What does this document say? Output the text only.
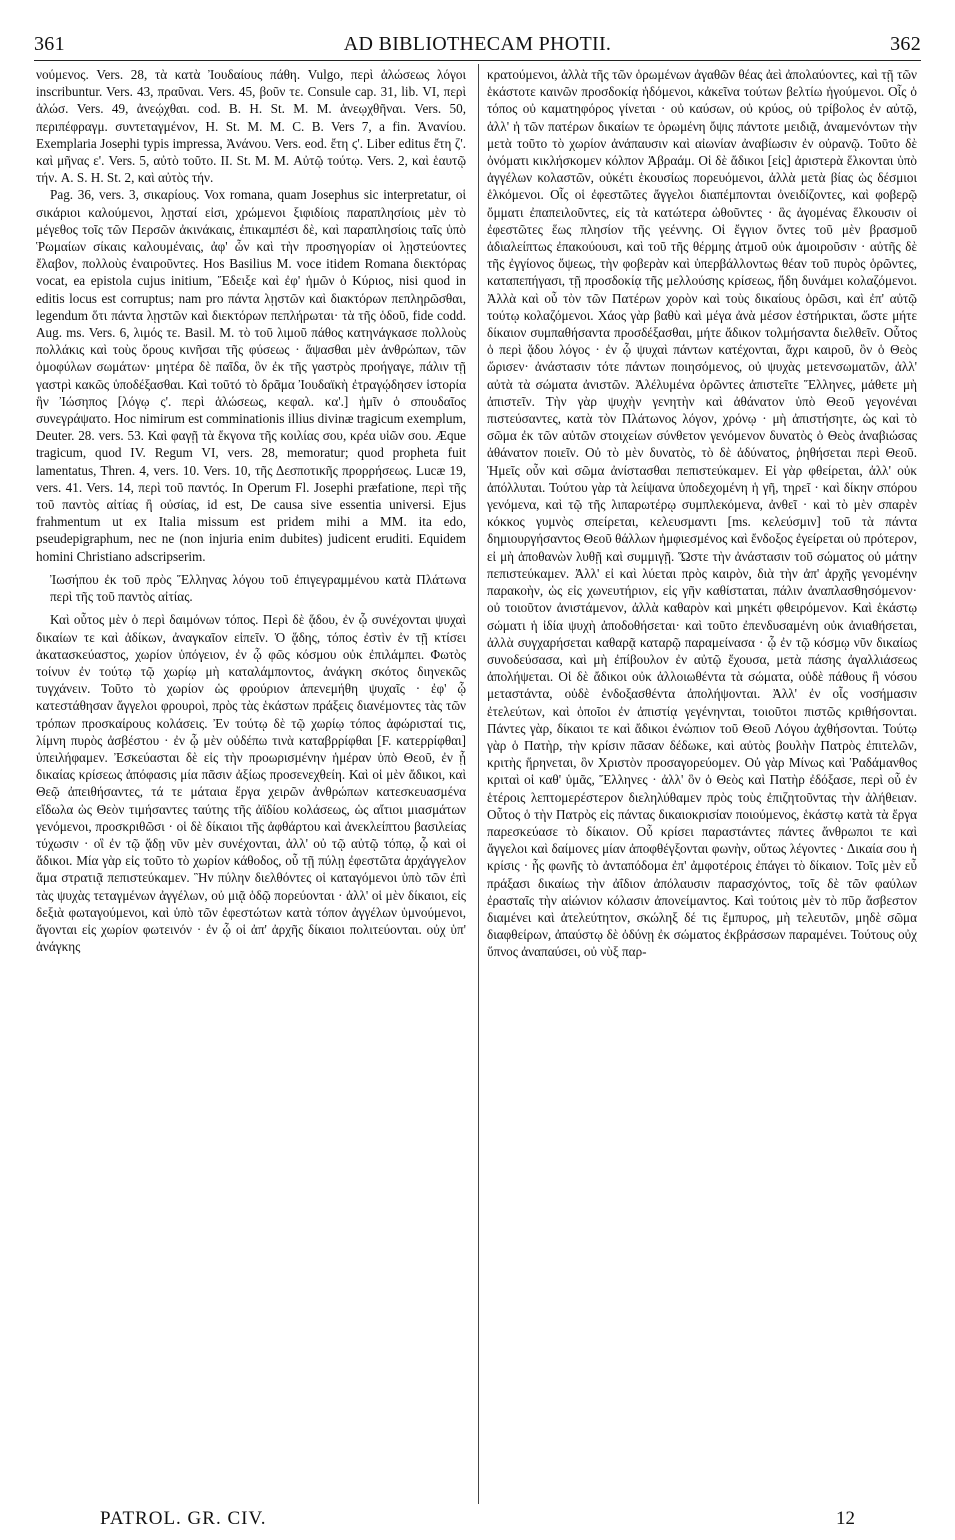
361	AD BIBLIOTHECAM PHOTII.	362

νούμενος. Vers. 28, τὰ κατὰ Ἰουδαίους πάθη. Vulgo, περὶ ἁλώσεως λόγοι inscribuntur. Vers. 43, πραῦναι. Vers. 45, βοῦν τε. Consule cap. 31, lib. VI, περὶ ἁλώσ. Vers. 49, ἀνεῴχθαι. cod. B. H. St. M. M. ἀνεῳχθῆναι. Vers. 50, περιπέφραγμ. συντεταγμένον, H. St. M. M. C. B. Vers 7, a fin. Ἀνανίου. Exemplaria Josephi typis impressa, Ἀνάνου. Vers. eod. ἔτη ϛ'. Liber editus ἔτη ζ'. καὶ μῆνας ε'. Vers. 5, αὐτὸ τοῦτο. II. St. M. M. Αὐτῷ τούτῳ. Vers. 2, καὶ ἑαυτῷ τήν. A. S. H. St. 2, καὶ αὐτὸς τήν.

Pag. 36, vers. 3, σικαρίους. Vox romana, quam Josephus sic interpretatur, οἱ σικάριοι καλούμενοι, λῃσταί εἰσι, χρώμενοι ξιφιδίοις παραπλησίοις μὲν τὸ μέγεθος τοῖς τῶν Περσῶν ἀκινάκαις, ἐπικαμπέσι δὲ, καὶ παραπλησίοις ταῖς ὑπὸ Ῥωμαίων σίκαις καλουμέναις, ἀφ' ὧν καὶ τὴν προσηγορίαν οἱ λῃστεύοντες ἔλαβον, πολλοὺς ἐναιροῦντες. Hos Basilius M. voce itidem Romana διεκτόρας vocat, ea epistola cujus initium, Ἔδειξε καὶ ἐφ' ἡμῶν ὁ Κύριος, nisi quod in editis locus est corruptus; nam pro πάντα λῃστῶν καὶ διακτόρων πεπληρῶσθαι, legendum ὅτι πάντα λῃστῶν καὶ διεκτόρων πεπλήρωται· τὰ τῆς ὁδοῦ, fide codd. Aug. ms. Vers. 6, λιμός τε. Basil. M. τὸ τοῦ λιμοῦ πάθος κατηνάγκασε πολλοὺς πολλάκις καὶ τοὺς ὅρους κινῆσαι τῆς φύσεως · ἅψασθαι μὲν ἀνθρώπων, τῶν ὁμοφύλων σωμάτων· μητέρα δὲ παῖδα, ὃν ἐκ τῆς γαστρὸς προήγαγε, πάλιν τῇ γαστρὶ κακῶς ὑποδέξασθαι. Καὶ τοῦτό τὸ δρᾶμα Ἰουδαϊκὴ ἐτραγῴδησεν ἱστορία ἣν Ἰώσηπος [λόγῳ ς'. περὶ ἁλώσεως, κεφαλ. κα'.] ἡμῖν ὁ σπουδαῖος συνεγράψατο. Hoc nimirum est comminationis illius divinæ tragicum exemplum, Deuter. 28. vers. 53. Καὶ φαγῇ τὰ ἔκγονα τῆς κοιλίας σου, κρέα υἱῶν σου. Æque tragicum, quod IV. Regum VI, vers. 28, memoratur; quod propheta fuit lamentatus, Thren. 4, vers. 10. Vers. 10, τῆς Δεσποτικῆς προρρήσεως. Lucæ 19, vers. 41. Vers. 14, περὶ τοῦ παντός. In Operum Fl. Josephi præfatione, περὶ τῆς τοῦ παντὸς αἰτίας ἢ οὐσίας, id est, De causa sive essentia universi. Ejus frahmentum ut ex Italia missum est pridem mihi a MM. ita edo, pseudepigraphum, nec ne (non injuria enim dubites) judicent eruditi. Equidem homini Christiano adscripserim.

Ἰωσήπου ἐκ τοῦ πρὸς Ἕλληνας λόγου τοῦ ἐπιγεγραμμένου κατὰ Πλάτωνα περὶ τῆς τοῦ παντὸς αἰτίας.

Καὶ οὗτος μὲν ὁ περὶ δαιμόνων τόπος. Περὶ δὲ ᾅδου, ἐν ᾧ συνέχονται ψυχαὶ δικαίων τε καὶ ἀδίκων, ἀναγκαῖον εἰπεῖν. Ὁ ᾅδης, τόπος ἐστὶν ἐν τῇ κτίσει ἀκατασκεύαστος, χωρίον ὑπόγειον, ἐν ᾧ φῶς κόσμου οὐκ ἐπιλάμπει. Φωτὸς τοίνυν ἐν τούτῳ τῷ χωρίῳ μὴ καταλάμποντος, ἀνάγκη σκότος διηνεκῶς τυγχάνειν. Τοῦτο τὸ χωρίον ὡς φρούριον ἀπενεμήθη ψυχαῖς · ἐφ' ᾧ κατεστάθησαν ἄγγελοι φρουροὶ, πρὸς τὰς ἑκάστων πράξεις διανέμοντες τὰς τῶν τρόπων προσκαίρους κολάσεις. Ἐν τούτῳ δὲ τῷ χωρίῳ τόπος ἀφώρισταί τις, λίμνη πυρὸς ἀσβέστου · ἐν ᾧ μὲν οὐδέπω τινὰ καταβρρίφθαι [F. κατερρίφθαι] ὑπειλήφαμεν. Ἐσκεύασται δὲ εἰς τὴν προωρισμένην ἡμέραν ὑπὸ Θεοῦ, ἐν ᾗ δικαίας κρίσεως ἀπόφασις μία πᾶσιν ἀξίως προσενεχθείη. Καὶ οἱ μὲν ἄδικοι, καὶ Θεῷ ἀπειθήσαντες, τά τε μάταια ἔργα χειρῶν ἀνθρώπων κατεσκευασμένα εἴδωλα ὡς Θεὸν τιμήσαντες ταύτης τῆς ἀϊδίου κολάσεως, ὡς αἴτιοι μιασμάτων γενόμενοι, προσκριθῶσι · οἱ δὲ δίκαιοι τῆς ἀφθάρτου καὶ ἀνεκλείπτου βασιλείας τύχωσιν · οἳ ἐν τῷ ᾅδῃ νῦν μὲν συνέχονται, ἀλλ' οὐ τῷ αὐτῷ τόπῳ, ᾧ καὶ οἱ ἄδικοι. Μία γὰρ εἰς τοῦτο τὸ χωρίον κάθοδος, οὗ τῇ πύλῃ ἐφεστῶτα ἀρχάγγελον ἅμα στρατιᾷ πεπιστεύκαμεν. Ἣν πύλην διελθόντες οἱ καταγόμενοι ὑπὸ τῶν ἐπὶ τὰς ψυχὰς τεταγμένων ἀγγέλων, οὐ μιᾷ ὁδῷ πορεύονται · ἀλλ' οἱ μὲν δίκαιοι, εἰς δεξιὰ φωταγούμενοι, καὶ ὑπὸ τῶν ἐφεστώτων κατὰ τόπον ἀγγέλων ὑμνούμενοι, ἄγονται εἰς χωρίον φωτεινόν · ἐν ᾧ οἱ ἀπ' ἀρχῆς δίκαιοι πολιτεύονται. οὐχ ὑπ' ἀνάγκης

κρατούμενοι, ἀλλὰ τῆς τῶν ὁρωμένων ἀγαθῶν θέας ἀεὶ ἀπολαύοντες, καὶ τῇ τῶν ἑκάστοτε καινῶν προσδοκίᾳ ἡδόμενοι, κἀκεῖνα τούτων βελτίω ἡγούμενοι. Οἷς ὁ τόπος οὐ καματηφόρος γίνεται · οὐ καύσων, οὐ κρύος, οὐ τρίβολος ἐν αὐτῷ, ἀλλ' ἡ τῶν πατέρων δικαίων τε ὁρωμένη ὄψις πάντοτε μειδιᾷ, ἀναμενόντων τὴν μετὰ τοῦτο τὸ χωρίον ἀνάπαυσιν καὶ αἰωνίαν ἀναβίωσιν ἐν οὐρανῷ. Τοῦτο δὲ ὀνόματι κικλήσκομεν κόλπον Ἀβραάμ. Οἱ δὲ ἄδικοι [εἰς] ἀριστερὰ ἕλκονται ὑπὸ ἀγγέλων κολαστῶν, οὐκέτι ἑκουσίως πορευόμενοι, ἀλλὰ μετὰ βίας ὡς δέσμιοι ἑλκόμενοι. Οἷς οἱ ἐφεστῶτες ἄγγελοι διαπέμπονται ὀνειδίζοντες, καὶ φοβερῷ ὄμματι ἐπαπειλοῦντες, εἰς τὰ κατώτερα ὠθοῦντες · ἃς ἀγομένας ἕλκουσιν οἱ ἐφεστῶτες ἕως πλησίον τῆς γεέννης. Οἱ ἔγγιον ὄντες τοῦ μὲν βρασμοῦ ἀδιαλείπτως ἐπακούουσι, καὶ τοῦ τῆς θέρμης ἀτμοῦ οὐκ ἀμοιροῦσιν · αὐτῆς δὲ τῆς ἐγγίονος ὄψεως, τὴν φοβερὰν καὶ ὑπερβάλλοντως θέαν τοῦ πυρὸς ὁρῶντες, καταπεπήγασι, τῇ προσδοκίᾳ τῆς μελλούσης κρίσεως, ἤδη δυνάμει κολαζόμενοι. Ἀλλὰ καὶ οὗ τὸν τῶν Πατέρων χορὸν καὶ τοὺς δικαίους ὁρῶσι, καὶ ἐπ' αὐτῷ τούτῳ κολαζόμενοι. Χάος γὰρ βαθὺ καὶ μέγα ἀνὰ μέσον ἐστήρικται, ὥστε μήτε δίκαιον συμπαθήσαντα προσδέξασθαι, μήτε ἄδικον τολμήσαντα διελθεῖν. Οὗτος ὁ περὶ ᾅδου λόγος · ἐν ᾧ ψυχαὶ πάντων κατέχονται, ἄχρι καιροῦ, ὃν ὁ Θεὸς ὥρισεν· ἀνάστασιν τότε πάντων ποιησόμενος, οὐ ψυχὰς μετενσωματῶν, ἀλλ' αὐτὰ τὰ σώματα ἀνιστῶν. Ἀλέλυμένα ὁρῶντες ἀπιστεῖτε Ἕλληνες, μάθετε μὴ ἀπιστεῖν. Τὴν γὰρ ψυχὴν γενητὴν καὶ ἀθάνατον ὑπὸ Θεοῦ γεγονέναι πιστεύσαντες, κατὰ τὸν Πλάτωνος λόγον, χρόνῳ · μὴ ἀπιστήσητε, ὡς καὶ τὸ σῶμα ἐκ τῶν αὐτῶν στοιχείων σύνθετον γενόμενον δυνατὸς ὁ Θεὸς ἀναβιώσας ἀθάνατον ποιεῖν. Οὐ τὸ μὲν δυνατὸς, τὸ δὲ ἀδύνατος, ῥηθήσεται περὶ Θεοῦ. Ἡμεῖς οὖν καὶ σῶμα ἀνίστασθαι πεπιστεύκαμεν. Εἰ γὰρ φθείρεται, ἀλλ' οὐκ ἀπόλλυται. Τούτου γὰρ τὰ λείψανα ὑποδεχομένη ἡ γῆ, τηρεῖ · καὶ δίκην σπόρου γενόμενα, καὶ τῷ τῆς λιπαρωτέρῳ συμπλεκόμενα, ἀνθεῖ · καὶ τὸ μὲν σπαρὲν κόκκος γυμνὸς σπείρεται, κελευσμαντι [ms. κελεύσμιν] τοῦ τὰ πάντα δημιουργήσαντος Θεοῦ θάλλων ἠμφιεσμένος καὶ ἔνδοξος ἐγείρεται οὐ πρότερον, εἰ μὴ ἀποθανὼν λυθῇ καὶ συμμιγῇ. Ὥστε τὴν ἀνάστασιν τοῦ σώματος οὐ μάτην πεπιστεύκαμεν. Ἀλλ' εἰ καὶ λύεται πρὸς καιρὸν, διὰ τὴν ἀπ' ἀρχῆς γενομένην παρακοὴν, ὡς εἰς χωνευτήριον, εἰς γῆν καθίσταται, πάλιν ἀναπλασθησόμενον· οὐ τοιοῦτον ἀνιστάμενον, ἀλλὰ καθαρὸν καὶ μηκέτι φθειρόμενον. Καὶ ἑκάστῳ σώματι ἡ ἰδία ψυχὴ ἀποδοθήσεται· καὶ τοῦτο ἐπενδυσαμένη οὐκ ἀνιαθήσεται, ἀλλὰ συγχαρήσεται καθαρᾷ καταρῷ παραμείνασα · ᾧ ἐν τῷ κόσμῳ νῦν δικαίως συνοδεύσασα, καὶ μὴ ἐπίβουλον ἐν αὐτῷ ἔχουσα, μετὰ πάσης ἀγαλλιάσεως ἀπολήψεται. Οἱ δὲ ἄδικοι οὐκ ἀλλοιωθέντα τὰ σώματα, οὐδὲ πάθους ἢ νόσου μεταστάντα, οὐδὲ ἐνδοξασθέντα ἀπολήψονται. Ἀλλ' ἐν οἷς νοσήμασιν ἐτελεύτων, καὶ ὁποῖοι ἐν ἀπιστίᾳ γεγένηνται, τοιοῦτοι πιστῶς κριθήσονται. Πάντες γὰρ, δίκαιοι τε καὶ ἄδικοι ἐνώπιον τοῦ Θεοῦ Λόγου ἀχθήσονται. Τούτῳ γὰρ ὁ Πατὴρ, τὴν κρίσιν πᾶσαν δέδωκε, καὶ αὐτὸς βουλὴν Πατρὸς ἐπιτελῶν, κριτὴς ἥρηνεται, ὃν Χριστὸν προσαγορεύομεν. Οὐ γὰρ Μίνως καὶ Ῥαδάμανθος κριταὶ οἱ καθ' ὑμᾶς, Ἕλληνες · ἀλλ' ὃν ὁ Θεὸς καὶ Πατὴρ ἐδόξασε, περὶ οὗ ἐν ἑτέροις λεπτομερέστερον διεληλύθαμεν πρὸς τοὺς ἐπιζητοῦντας τὴν ἀλήθειαν. Οὗτος ὁ τὴν Πατρὸς εἰς πάντας δικαιοκρισίαν ποιούμενος, ἑκάστῳ κατὰ τὰ ἔργα παρεσκεύασε τὸ δίκαιον. Οὗ κρίσει παραστάντες πάντες ἄνθρωποι τε καὶ ἄγγελοι καὶ δαίμονες μίαν ἀποφθέγξονται φωνὴν, οὕτως λέγοντες · Δικαία σου ἡ κρίσις · ἧς φωνῆς τὸ ἀνταπόδομα ἐπ' ἀμφοτέροις ἐπάγει τὸ δίκαιον. Τοῖς μὲν εὖ πράξασι δικαίως τὴν ἀΐδιον ἀπόλαυσιν παρασχόντος, τοῖς δὲ τῶν φαύλων ἐρασταῖς τὴν αἰώνιον κόλασιν ἀπονείμαντος. Καὶ τούτοις μὲν τὸ πῦρ ἄσβεστον διαμένει καὶ ἀτελεύτητον, σκώληξ δέ τις ἔμπυρος, μὴ τελευτῶν, μηδὲ σῶμα διαφθείρων, ἀπαύστῳ δὲ ὀδύνῃ ἐκ σώματος ἐκβράσσων παραμένει. Τούτους οὐχ ὕπνος ἀναπαύσει, οὐ νὺξ παρ-

PATROL. GR. CIV.	12
